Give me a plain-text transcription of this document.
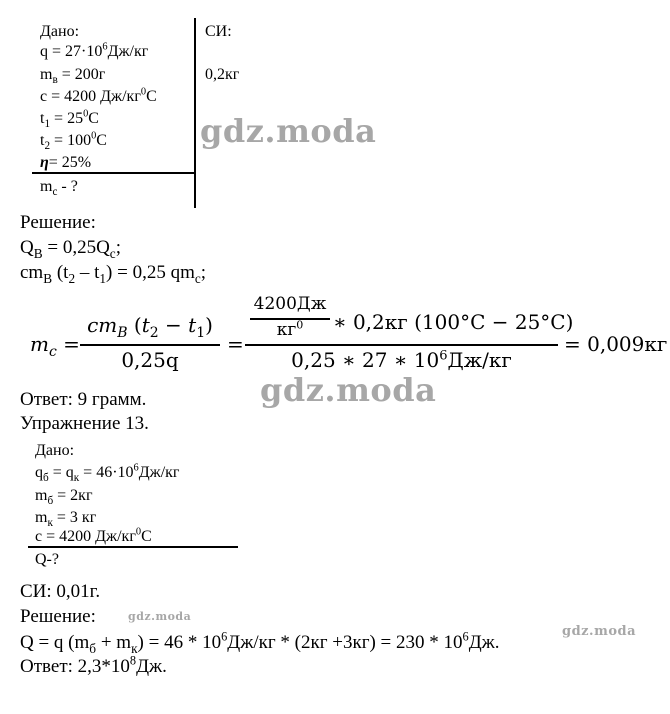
Дано:
$q = 27\cdot 10^6Дж/кг$
$m_в = 200г$
c = 4200 $Дж/кг^0С$
$t_1 = 25^0С$
$t_2 = 100^0С$
η= 25%
$m_c$ - ?
СИ:
0,2кг
gdz.moda
Решение:
$Q_В = 0,25Q_c$;
$cm_В$ $(t_2 - t_1) = 0,25$ $qm_c$;
$m_c$ =
$cm_B$ $(t_2 - t_1)$
0,25q
=
4200Дж
$кг^0$	∗ 0,2кг (100°C − 25°C)
0,25 ∗ 27 ∗ $10^6Дж/кг$
= 0,009кг
gdz.moda
Ответ: 9 грамм.
Упражнение 13.
Дано:
$q_б = q_к = 46\cdot 10^6Дж/кг$
$m_б = 2кг$
$m_к = 3$ кг
c = 4200 $Дж/кг^0С$
Q-?
СИ: 0,01г.
Решение:	gdz.moda
Q = q $(m_б + m_к) = 46 * 10^6Дж/кг * (2кг +3кг) = 230 * 10^6Дж$.
gdz.moda
Ответ: $2,3*10^8Дж$.
